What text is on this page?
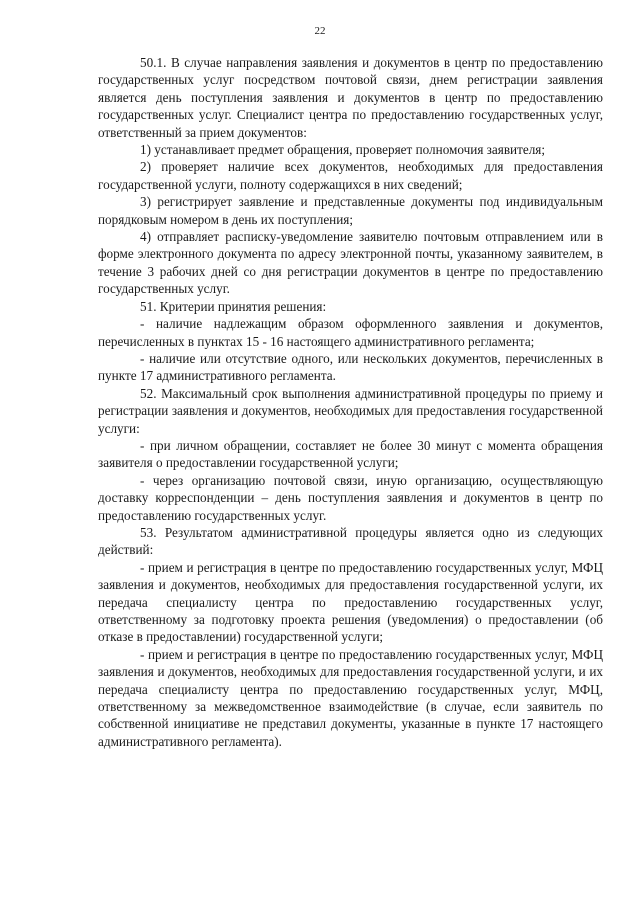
22

50.1. В случае направления заявления и документов в центр по предоставлению государственных услуг посредством почтовой связи, днем регистрации заявления является день поступления заявления и документов в центр по предоставлению государственных услуг. Специалист центра по предоставлению государственных услуг, ответственный за прием документов:

1) устанавливает предмет обращения, проверяет полномочия заявителя;

2) проверяет наличие всех документов, необходимых для предоставления государственной услуги, полноту содержащихся в них сведений;

3) регистрирует заявление и представленные документы под индивидуальным порядковым номером в день их поступления;

4) отправляет расписку-уведомление заявителю почтовым отправлением или в форме электронного документа по адресу электронной почты, указанному заявителем, в течение 3 рабочих дней со дня регистрации документов в центре по предоставлению государственных услуг.

51. Критерии принятия решения:

- наличие надлежащим образом оформленного заявления и документов, перечисленных в пунктах 15 - 16 настоящего административного регламента;

- наличие или отсутствие одного, или нескольких документов, перечисленных в пункте 17 административного регламента.

52. Максимальный срок выполнения административной процедуры по приему и регистрации заявления и документов, необходимых для предоставления государственной услуги:

- при личном обращении, составляет не более 30 минут с момента обращения заявителя о предоставлении государственной услуги;

- через организацию почтовой связи, иную организацию, осуществляющую доставку корреспонденции – день поступления заявления и документов в центр по предоставлению государственных услуг.

53. Результатом административной процедуры является одно из следующих действий:

- прием и регистрация в центре по предоставлению государственных услуг, МФЦ заявления и документов, необходимых для предоставления государственной услуги, их передача специалисту центра по предоставлению государственных услуг, ответственному за подготовку проекта решения (уведомления) о предоставлении (об отказе в предоставлении) государственной услуги;

- прием и регистрация в центре по предоставлению государственных услуг, МФЦ заявления и документов, необходимых для предоставления государственной услуги, и их передача специалисту центра по предоставлению государственных услуг, МФЦ, ответственному за межведомственное взаимодействие (в случае, если заявитель по собственной инициативе не представил документы, указанные в пункте 17 настоящего административного регламента).
